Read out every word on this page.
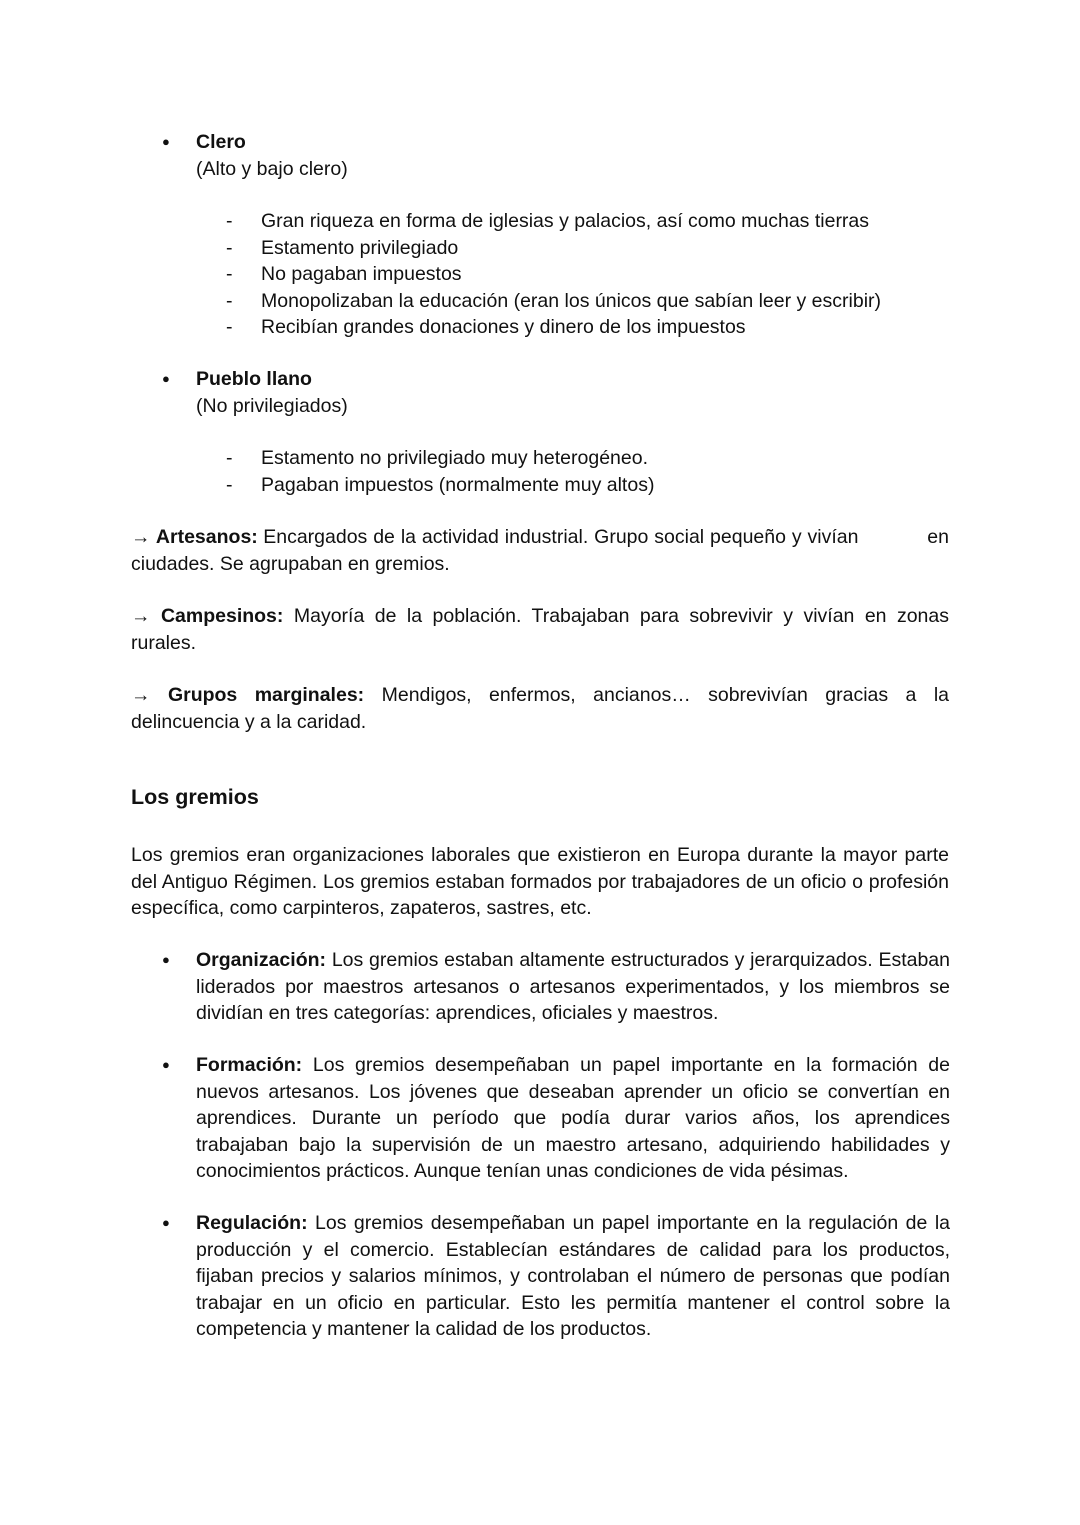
●	Clero
(Alto y bajo clero)
- Gran riqueza en forma de iglesias y palacios, así como muchas tierras
- Estamento privilegiado
- No pagaban impuestos
- Monopolizaban la educación (eran los únicos que sabían leer y escribir)
- Recibían grandes donaciones y dinero de los impuestos
●	Pueblo llano
(No privilegiados)
- Estamento no privilegiado muy heterogéneo.
- Pagaban impuestos (normalmente muy altos)
→ Artesanos: Encargados de la actividad industrial. Grupo social pequeño y vivían	en
ciudades. Se agrupaban en gremios.
→ Campesinos: Mayoría de la población. Trabajaban para sobrevivir y vivían en zonas
rurales.
→ Grupos marginales: Mendigos, enfermos, ancianos… sobrevivían gracias a la
delincuencia y a la caridad.
Los gremios
Los gremios eran organizaciones laborales que existieron en Europa durante la mayor parte del Antiguo Régimen. Los gremios estaban formados por trabajadores de un oficio o profesión específica, como carpinteros, zapateros, sastres, etc.
●	Organización: Los gremios estaban altamente estructurados y jerarquizados. Estaban liderados por maestros artesanos o artesanos experimentados, y los miembros se dividían en tres categorías: aprendices, oficiales y maestros.
●	Formación: Los gremios desempeñaban un papel importante en la formación de nuevos artesanos. Los jóvenes que deseaban aprender un oficio se convertían en aprendices. Durante un período que podía durar varios años, los aprendices trabajaban bajo la supervisión de un maestro artesano, adquiriendo habilidades y conocimientos prácticos. Aunque tenían unas condiciones de vida pésimas.
●	Regulación: Los gremios desempeñaban un papel importante en la regulación de la producción y el comercio. Establecían estándares de calidad para los productos, fijaban precios y salarios mínimos, y controlaban el número de personas que podían trabajar en un oficio en particular. Esto les permitía mantener el control sobre la competencia y mantener la calidad de los productos.
